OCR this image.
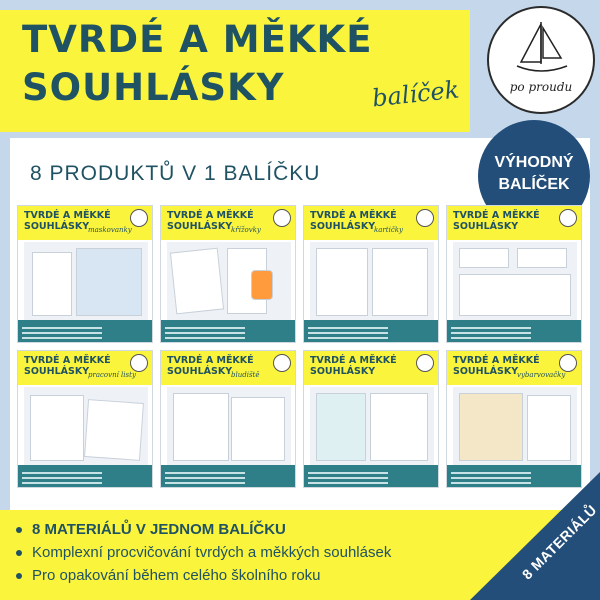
TVRDÉ A MĚKKÉ
SOUHLÁSKY	balíček	po proudu
8 PRODUKTŮ V 1 BALÍČKU	VÝHODNÝ
BALÍČEK
TVRDÉ A MĚKKÉ
SOUHLÁSKY
maskovanky
TVRDÉ A MĚKKÉ
SOUHLÁSKY
křížovky
TVRDÉ A MĚKKÉ
SOUHLÁSKY
kartičky
TVRDÉ A MĚKKÉ
SOUHLÁSKY
TVRDÉ A MĚKKÉ
SOUHLÁSKY
pracovní listy
TVRDÉ A MĚKKÉ
SOUHLÁSKY
bludiště
TVRDÉ A MĚKKÉ
SOUHLÁSKY
TVRDÉ A MĚKKÉ
SOUHLÁSKY
vybarvovačky
8 MATERIÁLŮ V JEDNOM BALÍČKU
Komplexní procvičování tvrdých a měkkých souhlásek
Pro opakování během celého školního roku	8 MATERIÁLŮ
